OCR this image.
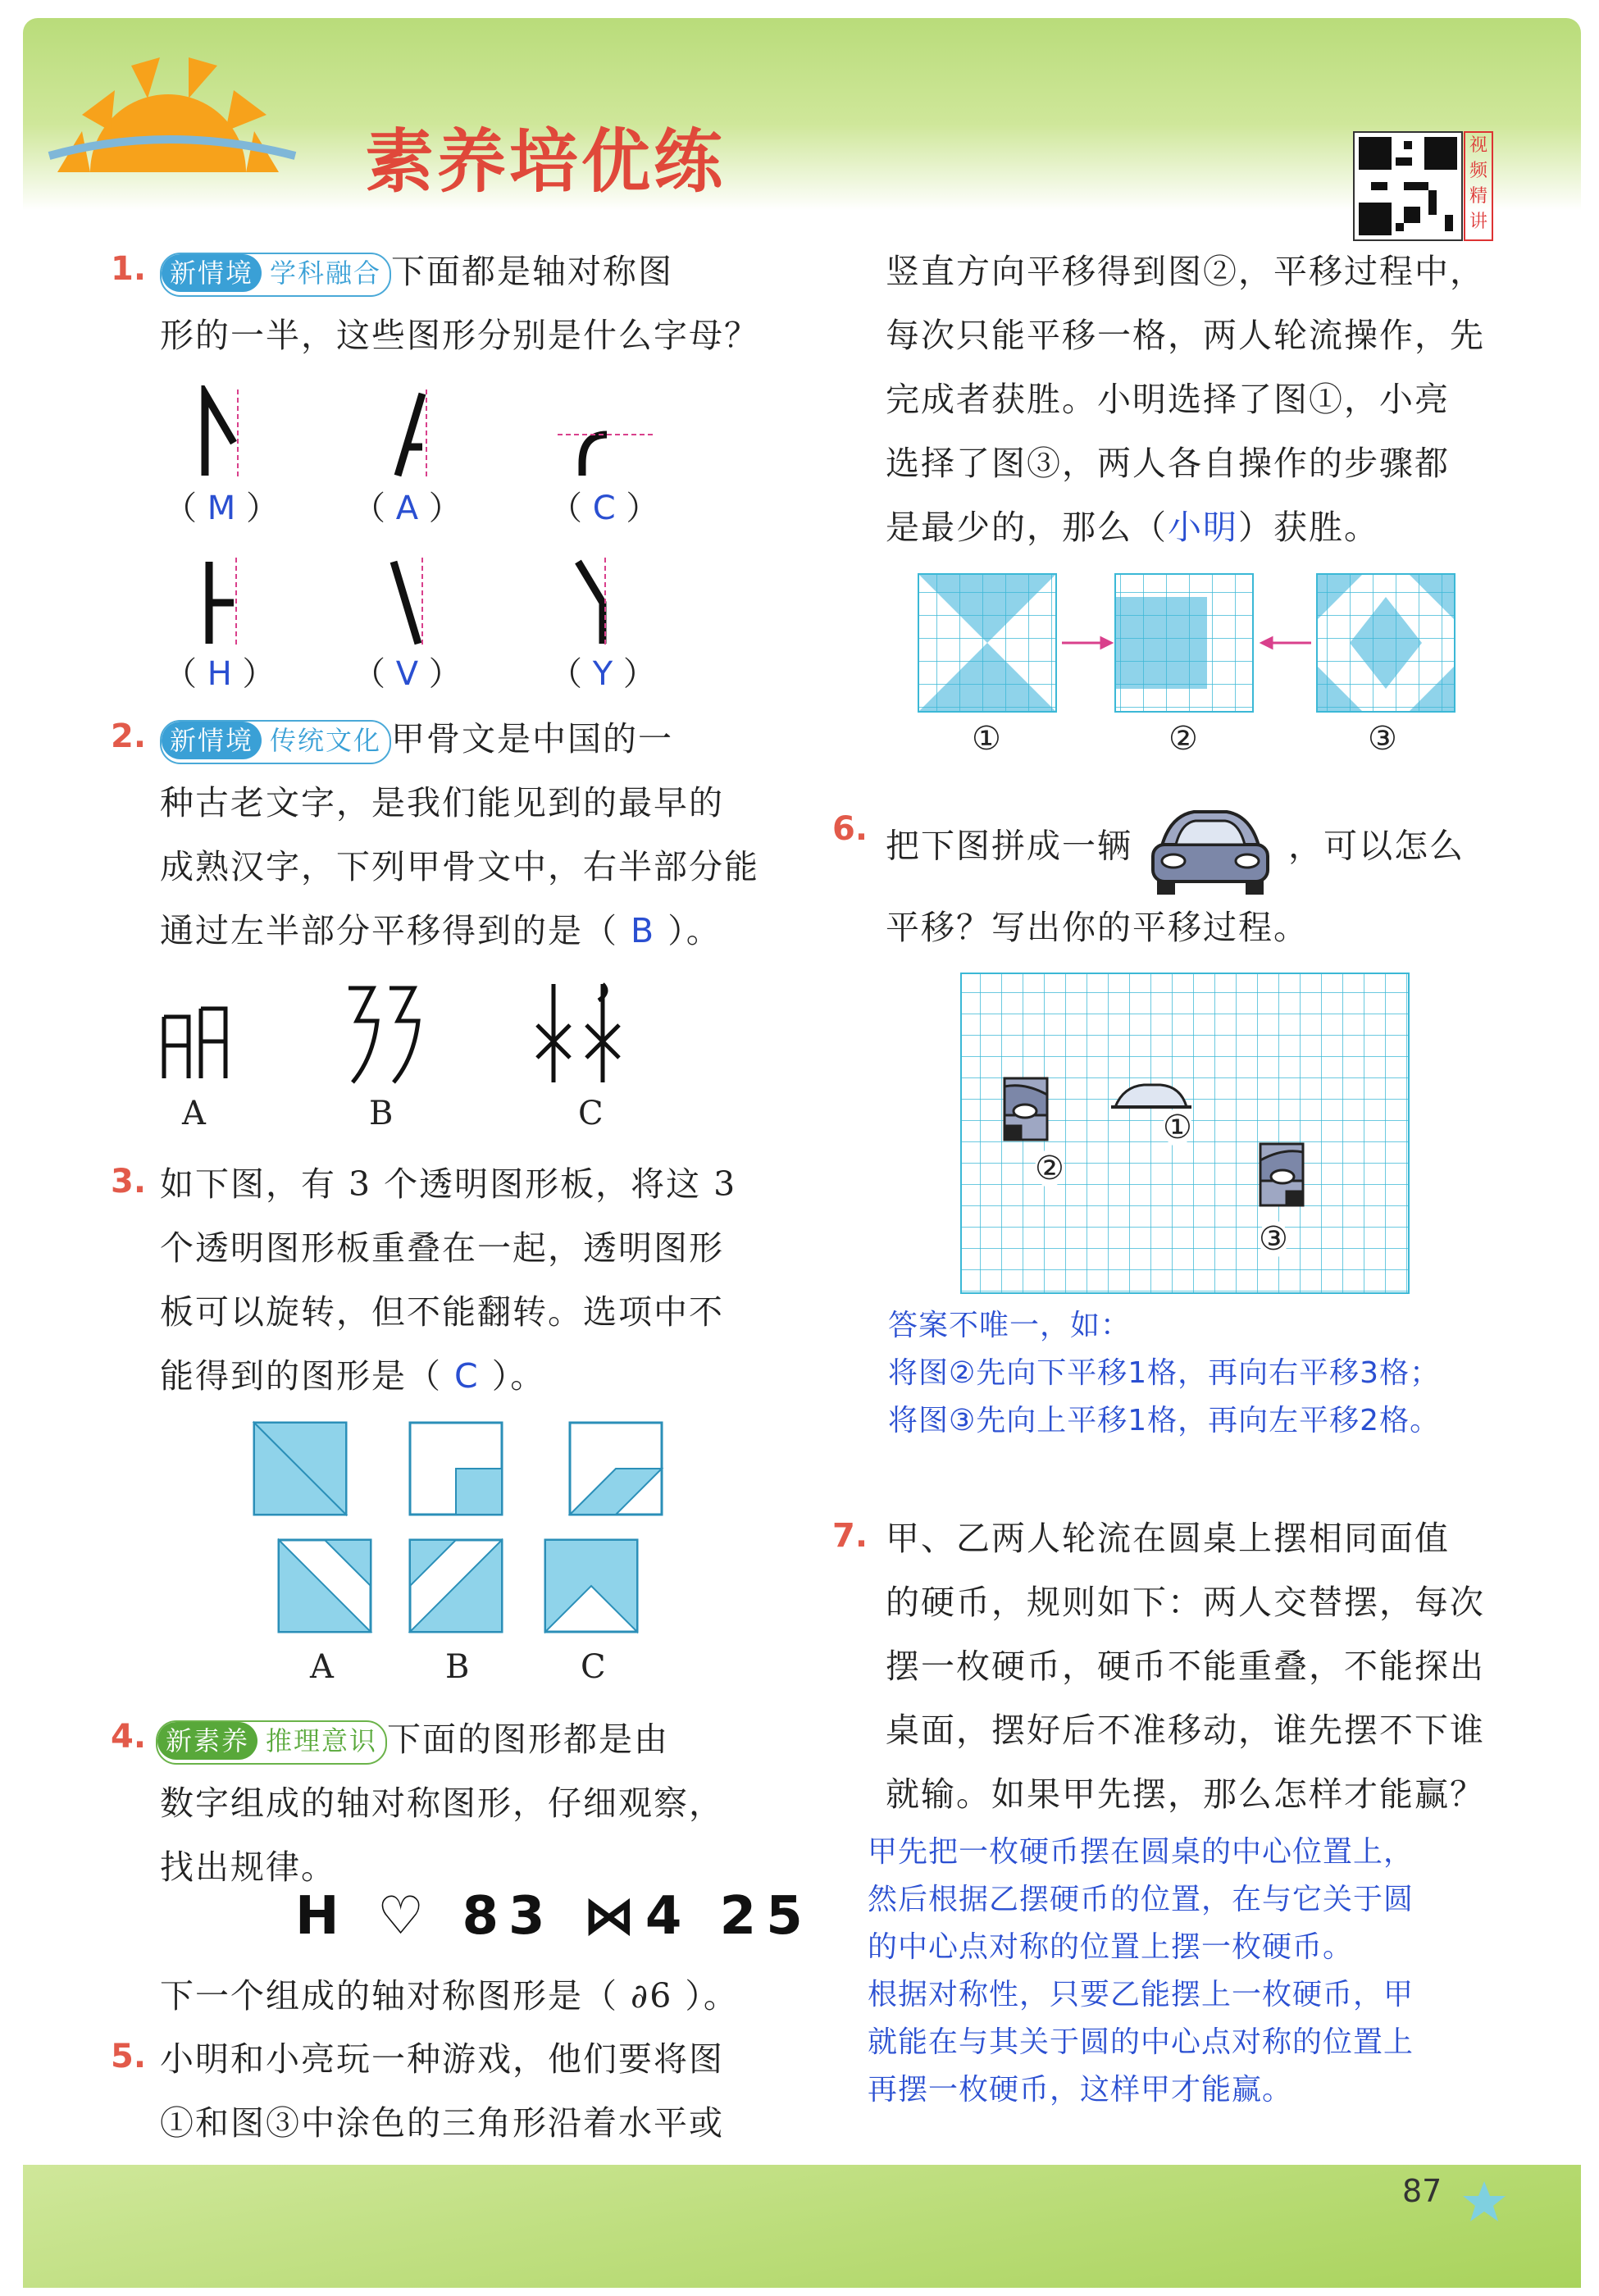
素养培优练	视频精讲
1. 新情境 学科融合 下面都是轴对称图
形的一半，这些图形分别是什么字母？
（ M ） （ A ）	（ C ）
（ H ） （ V ）	（ Y ）
2. 新情境 传统文化 甲骨文是中国的一
种古老文字，是我们能见到的最早的
成熟汉字，下列甲骨文中，右半部分能
通过左半部分平移得到的是（ B ）。
A	B	C
3. 如下图，有 3 个透明图形板，将这 3
个透明图形板重叠在一起，透明图形
板可以旋转，但不能翻转。选项中不
能得到的图形是（ C ）。
A	B	C
4. 新素养 推理意识 下面的图形都是由
数字组成的轴对称图形，仔细观察，
找出规律。
H ♡ 83 ⋈4 25
下一个组成的轴对称图形是（ ∂6 ）。
5. 小明和小亮玩一种游戏，他们要将图
①和图③中涂色的三角形沿着水平或
竖直方向平移得到图②，平移过程中，
每次只能平移一格，两人轮流操作，先
完成者获胜。小明选择了图①，小亮
选择了图③，两人各自操作的步骤都
是最少的，那么（小明）获胜。
①	②	③
6. 把下图拼成一辆	，可以怎么
平移？写出你的平移过程。
①
②
③
答案不唯一，如：
将图②先向下平移1格，再向右平移3格；
将图③先向上平移1格，再向左平移2格。
7. 甲、乙两人轮流在圆桌上摆相同面值
的硬币，规则如下：两人交替摆，每次
摆一枚硬币，硬币不能重叠，不能探出
桌面，摆好后不准移动，谁先摆不下谁
就输。如果甲先摆，那么怎样才能赢？
甲先把一枚硬币摆在圆桌的中心位置上，
然后根据乙摆硬币的位置，在与它关于圆
的中心点对称的位置上摆一枚硬币。
根据对称性，只要乙能摆上一枚硬币，甲
就能在与其关于圆的中心点对称的位置上
再摆一枚硬币，这样甲才能赢。
87
